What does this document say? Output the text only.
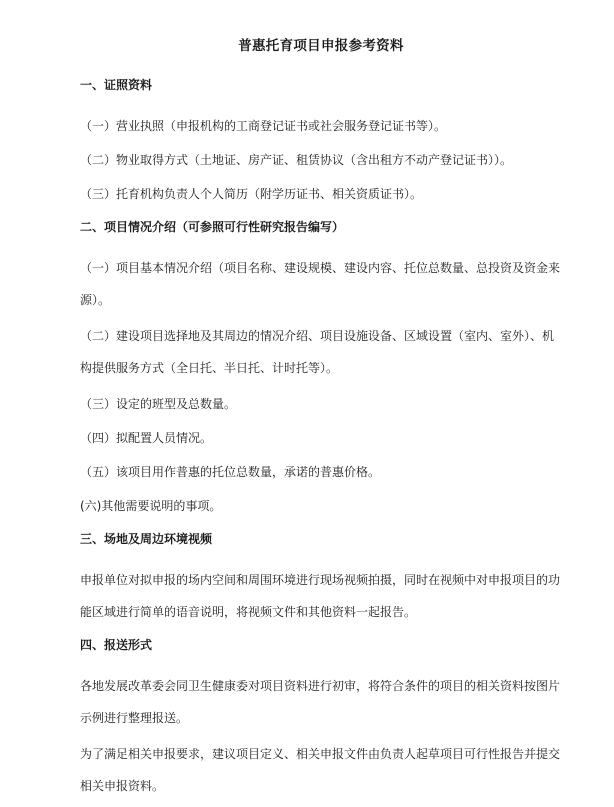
普惠托育项目申报参考资料
一、证照资料
（一）营业执照（申报机构的工商登记证书或社会服务登记证书等）。
（二）物业取得方式（土地证、房产证、租赁协议（含出租方不动产登记证书））。
（三）托育机构负责人个人简历（附学历证书、相关资质证书）。
二、项目情况介绍（可参照可行性研究报告编写）
（一）项目基本情况介绍（项目名称、建设规模、建设内容、托位总数量、总投资及资金来源）。
（二）建设项目选择地及其周边的情况介绍、项目设施设备、区域设置（室内、室外）、机构提供服务方式（全日托、半日托、计时托等）。
（三）设定的班型及总数量。
（四）拟配置人员情况。
（五）该项目用作普惠的托位总数量，承诺的普惠价格。
(六)其他需要说明的事项。
三、场地及周边环境视频
申报单位对拟申报的场内空间和周围环境进行现场视频拍摄，同时在视频中对申报项目的功能区域进行简单的语音说明，将视频文件和其他资料一起报告。
四、报送形式
各地发展改革委会同卫生健康委对项目资料进行初审，将符合条件的项目的相关资料按图片示例进行整理报送。
为了满足相关申报要求，建议项目定义、相关申报文件由负责人起草项目可行性报告并提交相关申报资料。
